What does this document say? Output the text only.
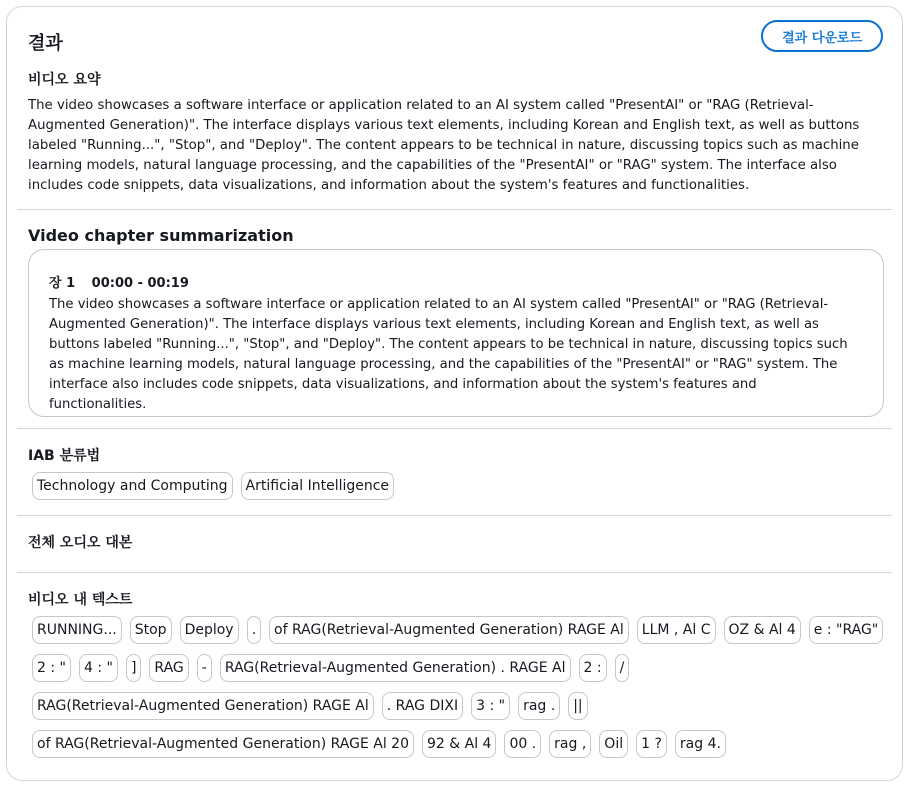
결과	결과 다운로드
비디오 요약
The video showcases a software interface or application related to an AI system called "PresentAI" or "RAG (Retrieval-Augmented Generation)". The interface displays various text elements, including Korean and English text, as well as buttons labeled "Running...", "Stop", and "Deploy". The content appears to be technical in nature, discussing topics such as machine learning models, natural language processing, and the capabilities of the "PresentAI" or "RAG" system. The interface also includes code snippets, data visualizations, and information about the system's features and functionalities.
Video chapter summarization
장 1 00:00 - 00:19
The video showcases a software interface or application related to an AI system called "PresentAI" or "RAG (Retrieval-Augmented Generation)". The interface displays various text elements, including Korean and English text, as well as buttons labeled "Running...", "Stop", and "Deploy". The content appears to be technical in nature, discussing topics such as machine learning models, natural language processing, and the capabilities of the "PresentAI" or "RAG" system. The interface also includes code snippets, data visualizations, and information about the system's features and functionalities.
IAB 분류법
Technology and Computing	Artificial Intelligence
전체 오디오 대본
비디오 내 텍스트
RUNNING...	Stop	Deploy	.	of RAG(Retrieval-Augmented Generation) RAGE Al	LLM , Al C	OZ & Al 4	e : "RAG"
2 : "	4 : "	]	RAG	-	RAG(Retrieval-Augmented Generation) . RAGE Al	2 :	/
RAG(Retrieval-Augmented Generation) RAGE Al	. RAG DIXI	3 : "	rag .	||
of RAG(Retrieval-Augmented Generation) RAGE Al 20	92 & Al 4	00 .	rag ,	Oil	1 ?	rag 4.
